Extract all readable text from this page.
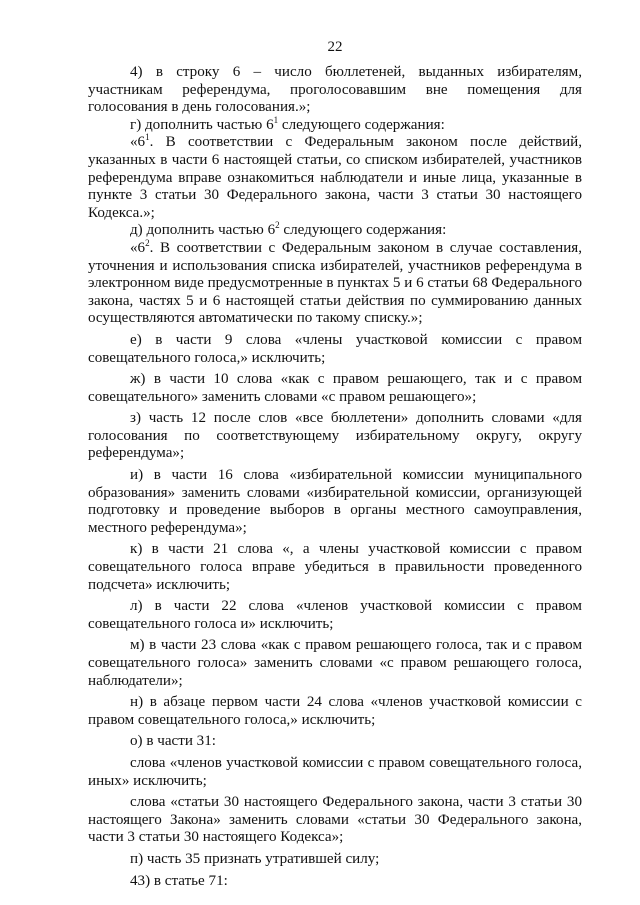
22

4) в строку 6 – число бюллетеней, выданных избирателям, участникам референдума, проголосовавшим вне помещения для голосования в день голосования.»;

г) дополнить частью $6^1$ следующего содержания:

«$6^1$. В соответствии с Федеральным законом после действий, указанных в части 6 настоящей статьи, со списком избирателей, участников референдума вправе ознакомиться наблюдатели и иные лица, указанные в пункте 3 статьи 30 Федерального закона, части 3 статьи 30 настоящего Кодекса.»;

д) дополнить частью $6^2$ следующего содержания:

«$6^2$. В соответствии с Федеральным законом в случае составления, уточнения и использования списка избирателей, участников референдума в электронном виде предусмотренные в пунктах 5 и 6 статьи 68 Федерального закона, частях 5 и 6 настоящей статьи действия по суммированию данных осуществляются автоматически по такому списку.»;

е) в части 9 слова «члены участковой комиссии с правом совещательного голоса,» исключить;

ж) в части 10 слова «как с правом решающего, так и с правом совещательного» заменить словами «с правом решающего»;

з) часть 12 после слов «все бюллетени» дополнить словами «для голосования по соответствующему избирательному округу, округу референдума»;

и) в части 16 слова «избирательной комиссии муниципального образования» заменить словами «избирательной комиссии, организующей подготовку и проведение выборов в органы местного самоуправления, местного референдума»;

к) в части 21 слова «, а члены участковой комиссии с правом совещательного голоса вправе убедиться в правильности проведенного подсчета» исключить;

л) в части 22 слова «членов участковой комиссии с правом совещательного голоса и» исключить;

м) в части 23 слова «как с правом решающего голоса, так и с правом совещательного голоса» заменить словами «с правом решающего голоса, наблюдатели»;

н) в абзаце первом части 24 слова «членов участковой комиссии с правом совещательного голоса,» исключить;

о) в части 31:

слова «членов участковой комиссии с правом совещательного голоса, иных» исключить;

слова «статьи 30 настоящего Федерального закона, части 3 статьи 30 настоящего Закона» заменить словами «статьи 30 Федерального закона, части 3 статьи 30 настоящего Кодекса»;

п) часть 35 признать утратившей силу;

43) в статье 71:
